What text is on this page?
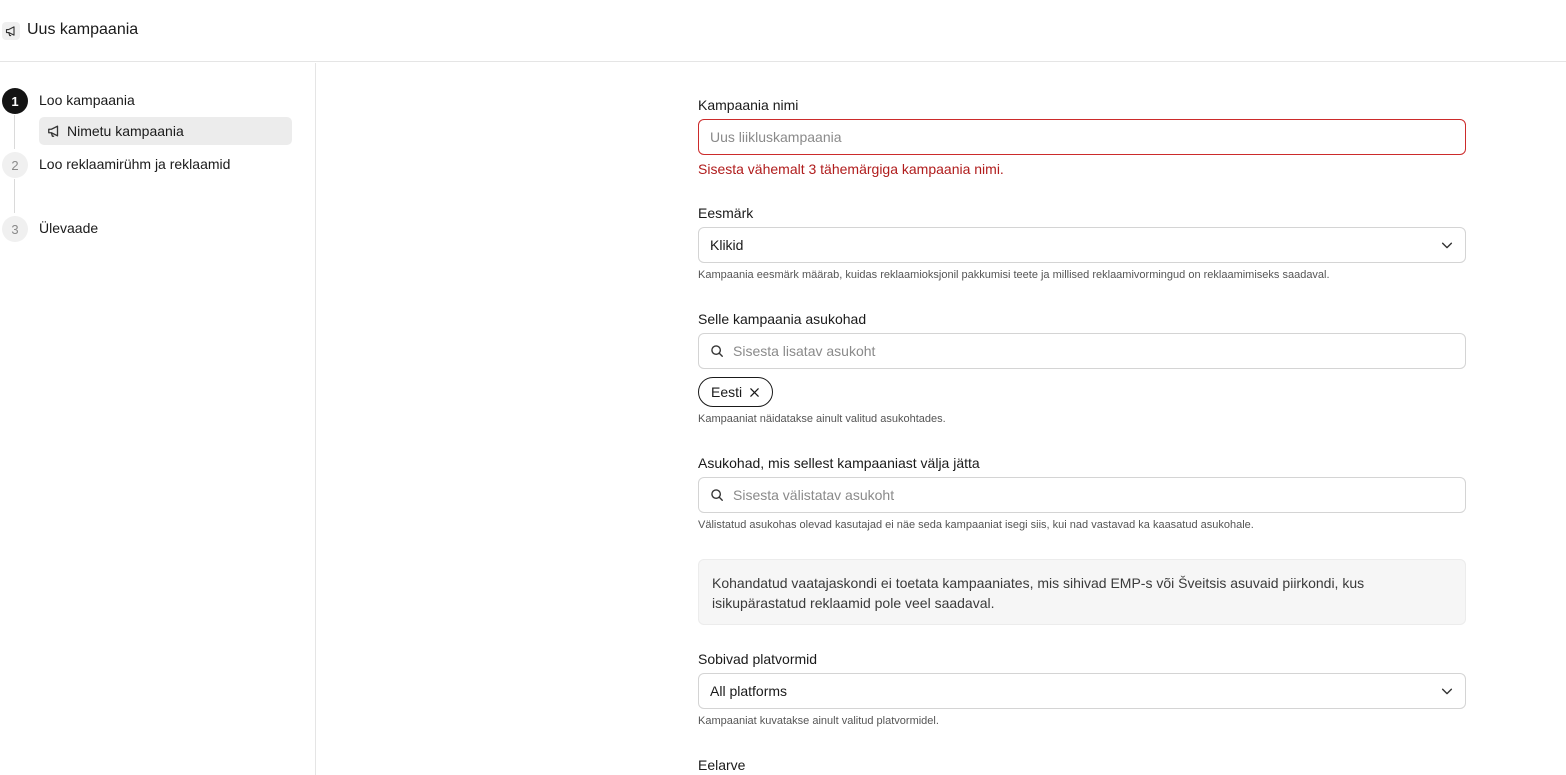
Uus kampaania
1	Loo kampaania
Nimetu kampaania
2	Loo reklaamirühm ja reklaamid
3	Ülevaade
Kampaania nimi
Uus liikluskampaania
Sisesta vähemalt 3 tähemärgiga kampaania nimi.
Eesmärk
Klikid
Kampaania eesmärk määrab, kuidas reklaamioksjonil pakkumisi teete ja millised reklaamivormingud on reklaamimiseks saadaval.
Selle kampaania asukohad
Sisesta lisatav asukoht
Eesti
Kampaaniat näidatakse ainult valitud asukohtades.
Asukohad, mis sellest kampaaniast välja jätta
Sisesta välistatav asukoht
Välistatud asukohas olevad kasutajad ei näe seda kampaaniat isegi siis, kui nad vastavad ka kaasatud asukohale.
Kohandatud vaatajaskondi ei toetata kampaaniates, mis sihivad EMP-s või Šveitsis asuvaid piirkondi, kus
isikupärastatud reklaamid pole veel saadaval.
Sobivad platvormid
All platforms
Kampaaniat kuvatakse ainult valitud platvormidel.
Eelarve
